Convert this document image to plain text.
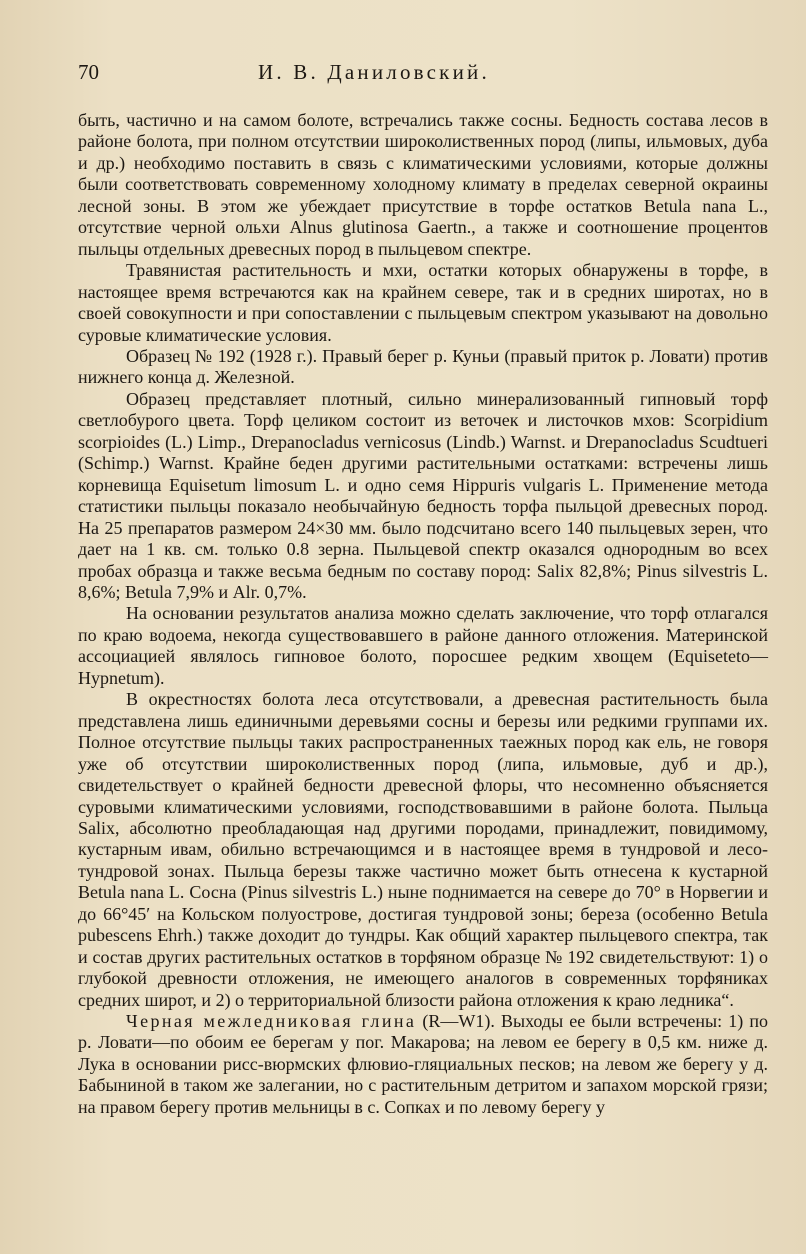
70	И. В. Даниловский.

быть, частично и на самом болоте, встречались также сосны. Бедность состава лесов в районе болота, при полном отсутствии широколиственных пород (липы, ильмовых, дуба и др.) необходимо поставить в связь с климатическими условиями, которые должны были соответствовать современному холодному климату в пределах северной окраины лесной зоны. В этом же убеждает присутствие в торфе остатков Betula nana L., отсутствие черной ольхи Alnus glutinosa Gaertn., а также и соотношение процентов пыльцы отдельных древесных пород в пыльцевом спектре.

Травянистая растительность и мхи, остатки которых обнаружены в торфе, в настоящее время встречаются как на крайнем севере, так и в средних широтах, но в своей совокупности и при сопоставлении с пыльцевым спектром указывают на довольно суровые климатические условия.

Образец № 192 (1928 г.). Правый берег р. Куньи (правый приток р. Ловати) против нижнего конца д. Железной.

Образец представляет плотный, сильно минерализованный гипновый торф светлобурого цвета. Торф целиком состоит из веточек и листочков мхов: Scorpidium scorpioides (L.) Limp., Drepanocladus vernicosus (Lindb.) Warnst. и Drepanocladus Scudtueri (Schimp.) Warnst. Крайне беден другими растительными остатками: встречены лишь корневища Equisetum limosum L. и одно семя Hippuris vulgaris L. Применение метода статистики пыльцы показало необычайную бедность торфа пыльцой древесных пород. На 25 препаратов размером 24×30 мм. было подсчитано всего 140 пыльцевых зерен, что дает на 1 кв. см. только 0.8 зерна. Пыльцевой спектр оказался однородным во всех пробах образца и также весьма бедным по составу пород: Salix 82,8%; Pinus silvestris L. 8,6%; Betula 7,9% и Alr. 0,7%.

На основании результатов анализа можно сделать заключение, что торф отлагался по краю водоема, некогда существовавшего в районе данного отложения. Материнской ассоциацией являлось гипновое болото, поросшее редким хвощем (Equiseteto—Hypnetum).

В окрестностях болота леса отсутствовали, а древесная растительность была представлена лишь единичными деревьями сосны и березы или редкими группами их. Полное отсутствие пыльцы таких распространенных таежных пород как ель, не говоря уже об отсутствии широколиственных пород (липа, ильмовые, дуб и др.), свидетельствует о крайней бедности древесной флоры, что несомненно объясняется суровыми климатическими условиями, господствовавшими в районе болота. Пыльца Salix, абсолютно преобладающая над другими породами, принадлежит, повидимому, кустарным ивам, обильно встречающимся и в настоящее время в тундровой и лесо-тундровой зонах. Пыльца березы также частично может быть отнесена к кустарной Betula nana L. Сосна (Pinus silvestris L.) ныне поднимается на севере до 70° в Норвегии и до 66°45′ на Кольском полуострове, достигая тундровой зоны; береза (особенно Betula pubescens Ehrh.) также доходит до тундры. Как общий характер пыльцевого спектра, так и состав других растительных остатков в торфяном образце № 192 свидетельствуют: 1) о глубокой древности отложения, не имеющего аналогов в современных торфяниках средних широт, и 2) о территориальной близости района отложения к краю ледника“.

Черная межледниковая глина (R—W1). Выходы ее были встречены: 1) по р. Ловати—по обоим ее берегам у пог. Макарова; на левом ее берегу в 0,5 км. ниже д. Лука в основании рисс-вюрмских флювио-гляциальных песков; на левом же берегу у д. Бабыниной в таком же залегании, но с растительным детритом и запахом морской грязи; на правом берегу против мельницы в с. Сопках и по левому берегу у
